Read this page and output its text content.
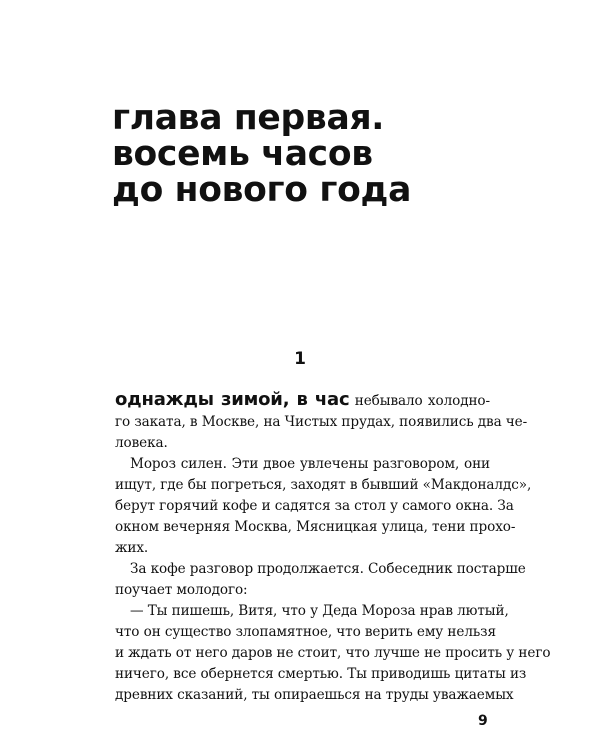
глава первая.
восемь часов
до нового года
1
однажды зимой, в час небывало холодно-
го заката, в Москве, на Чистых прудах, появились два че-
ловека.
Мороз силен. Эти двое увлечены разговором, они
ищут, где бы погреться, заходят в бывший «Макдоналдс»,
берут горячий кофе и садятся за стол у самого окна. За
окном вечерняя Москва, Мясницкая улица, тени прохо-
жих.
За кофе разговор продолжается. Собеседник постарше
поучает молодого:
— Ты пишешь, Витя, что у Деда Мороза нрав лютый,
что он существо злопамятное, что верить ему нельзя
и ждать от него даров не стоит, что лучше не просить у него
ничего, все обернется смертью. Ты приводишь цитаты из
древних сказаний, ты опираешься на труды уважаемых
9
